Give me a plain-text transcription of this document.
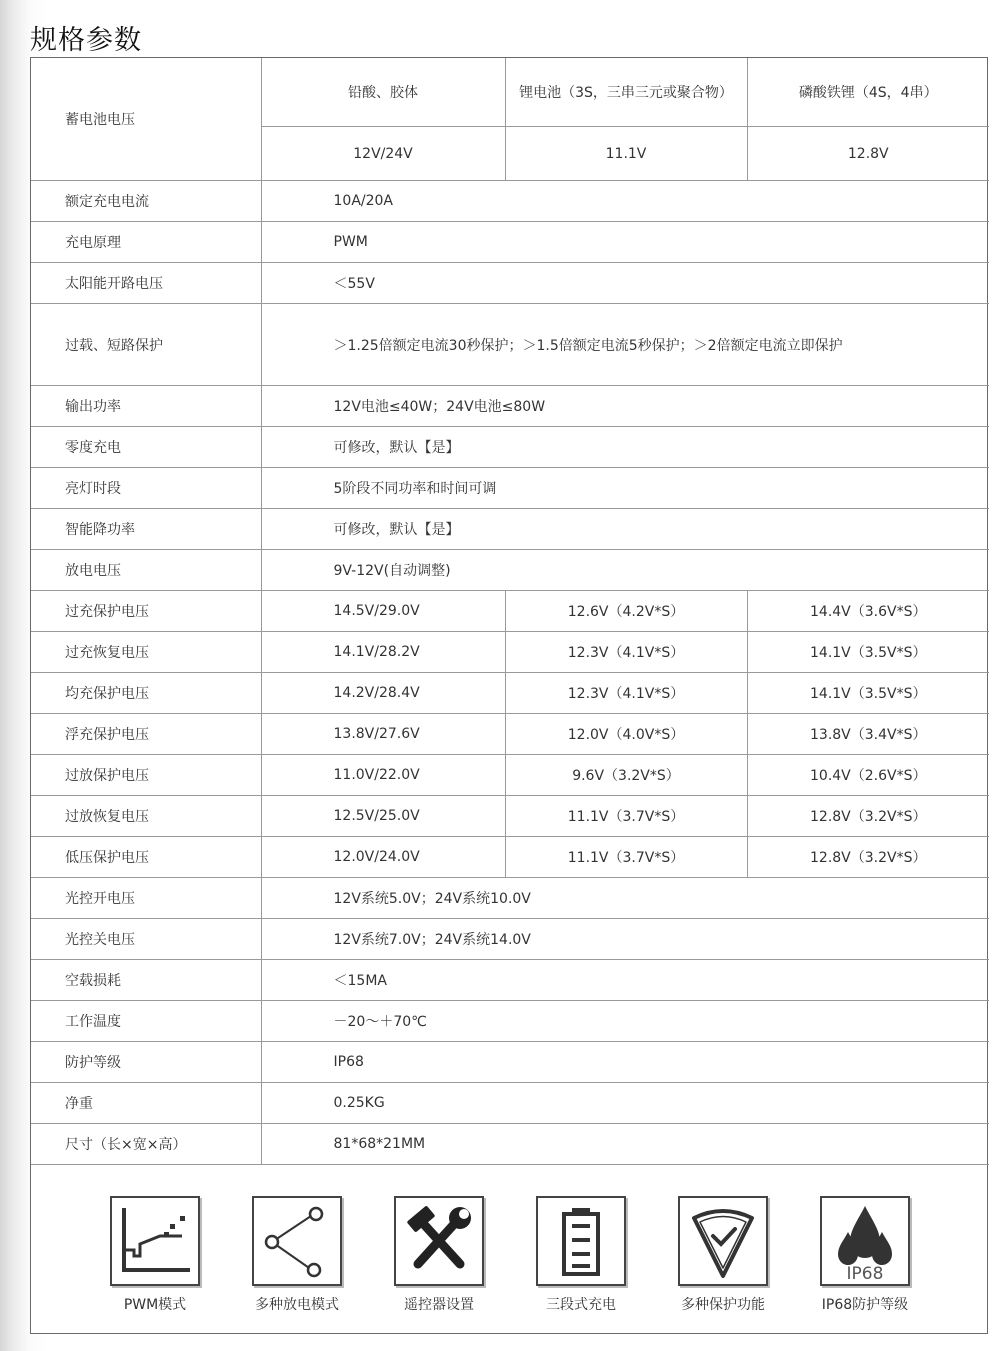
规格参数
蓄电池电压	铅酸、胶体	锂电池（3S，三串三元或聚合物）	磷酸铁锂（4S，4串）
	12V/24V	11.1V	12.8V
额定充电电流	10A/20A		
充电原理	PWM		
太阳能开路电压	＜55V		
过载、短路保护	＞1.25倍额定电流30秒保护；＞1.5倍额定电流5秒保护；＞2倍额定电流立即保护		
输出功率	12V电池≤40W；24V电池≤80W		
零度充电	可修改，默认【是】		
亮灯时段	5阶段不同功率和时间可调		
智能降功率	可修改，默认【是】		
放电电压	9V-12V(自动调整)		
过充保护电压	14.5V/29.0V	12.6V（4.2V*S）	14.4V（3.6V*S）
过充恢复电压	14.1V/28.2V	12.3V（4.1V*S）	14.1V（3.5V*S）
均充保护电压	14.2V/28.4V	12.3V（4.1V*S）	14.1V（3.5V*S）
浮充保护电压	13.8V/27.6V	12.0V（4.0V*S）	13.8V（3.4V*S）
过放保护电压	11.0V/22.0V	9.6V（3.2V*S）	10.4V（2.6V*S）
过放恢复电压	12.5V/25.0V	11.1V（3.7V*S）	12.8V（3.2V*S）
低压保护电压	12.0V/24.0V	11.1V（3.7V*S）	12.8V（3.2V*S）
光控开电压	12V系统5.0V；24V系统10.0V		
光控关电压	12V系统7.0V；24V系统14.0V		
空载损耗	＜15MA		
工作温度	－20～＋70℃		
防护等级	IP68		
净重	0.25KG		
尺寸（长×宽×高）	81*68*21MM		
PWM模式	多种放电模式	遥控器设置	三段式充电	多种保护功能
IP68
IP68防护等级
